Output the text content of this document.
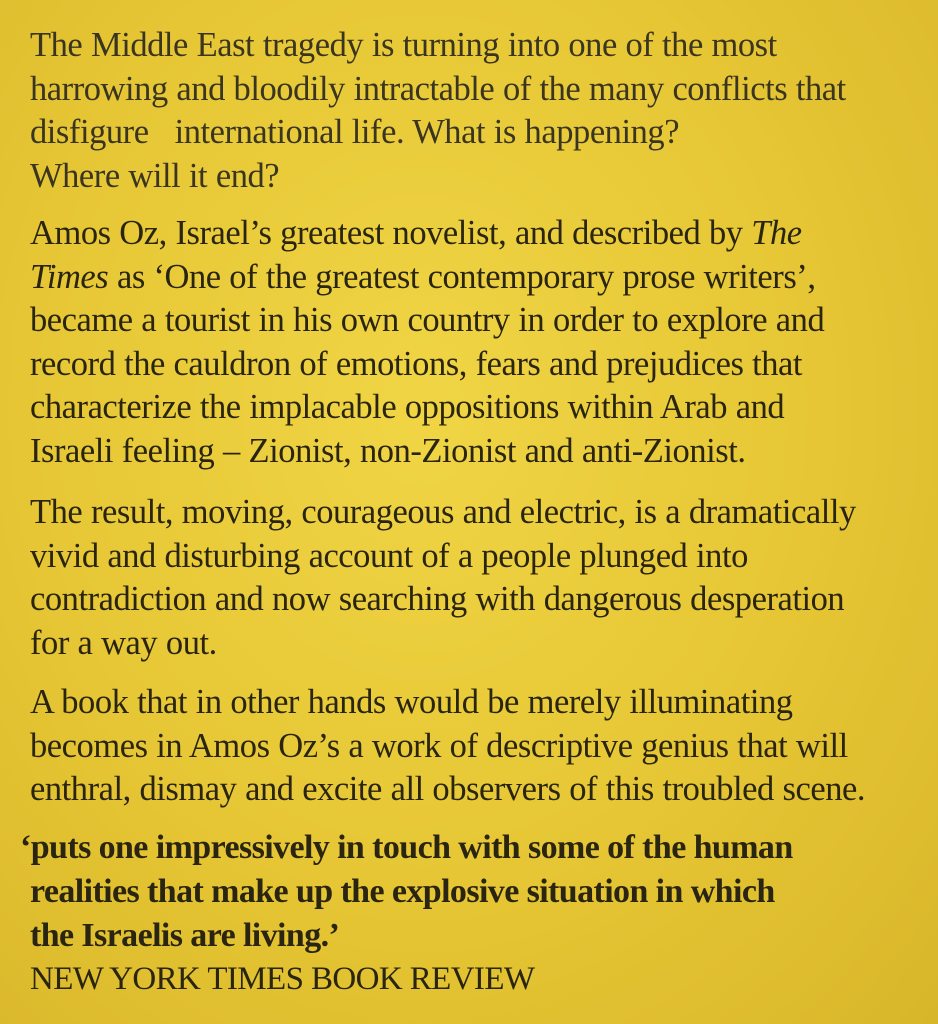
The Middle East tragedy is turning into one of the most
harrowing and bloodily intractable of the many conflicts that
disfigure   international life. What is happening?
Where will it end?

Amos Oz, Israel’s greatest novelist, and described by The
Times as ‘One of the greatest contemporary prose writers’,
became a tourist in his own country in order to explore and
record the cauldron of emotions, fears and prejudices that
characterize the implacable oppositions within Arab and
Israeli feeling – Zionist, non-Zionist and anti-Zionist.

The result, moving, courageous and electric, is a dramatically
vivid and disturbing account of a people plunged into
contradiction and now searching with dangerous desperation
for a way out.

A book that in other hands would be merely illuminating
becomes in Amos Oz’s a work of descriptive genius that will
enthral, dismay and excite all observers of this troubled scene.

‘puts one impressively in touch with some of the human
realities that make up the explosive situation in which
the Israelis are living.’

NEW YORK TIMES BOOK REVIEW
